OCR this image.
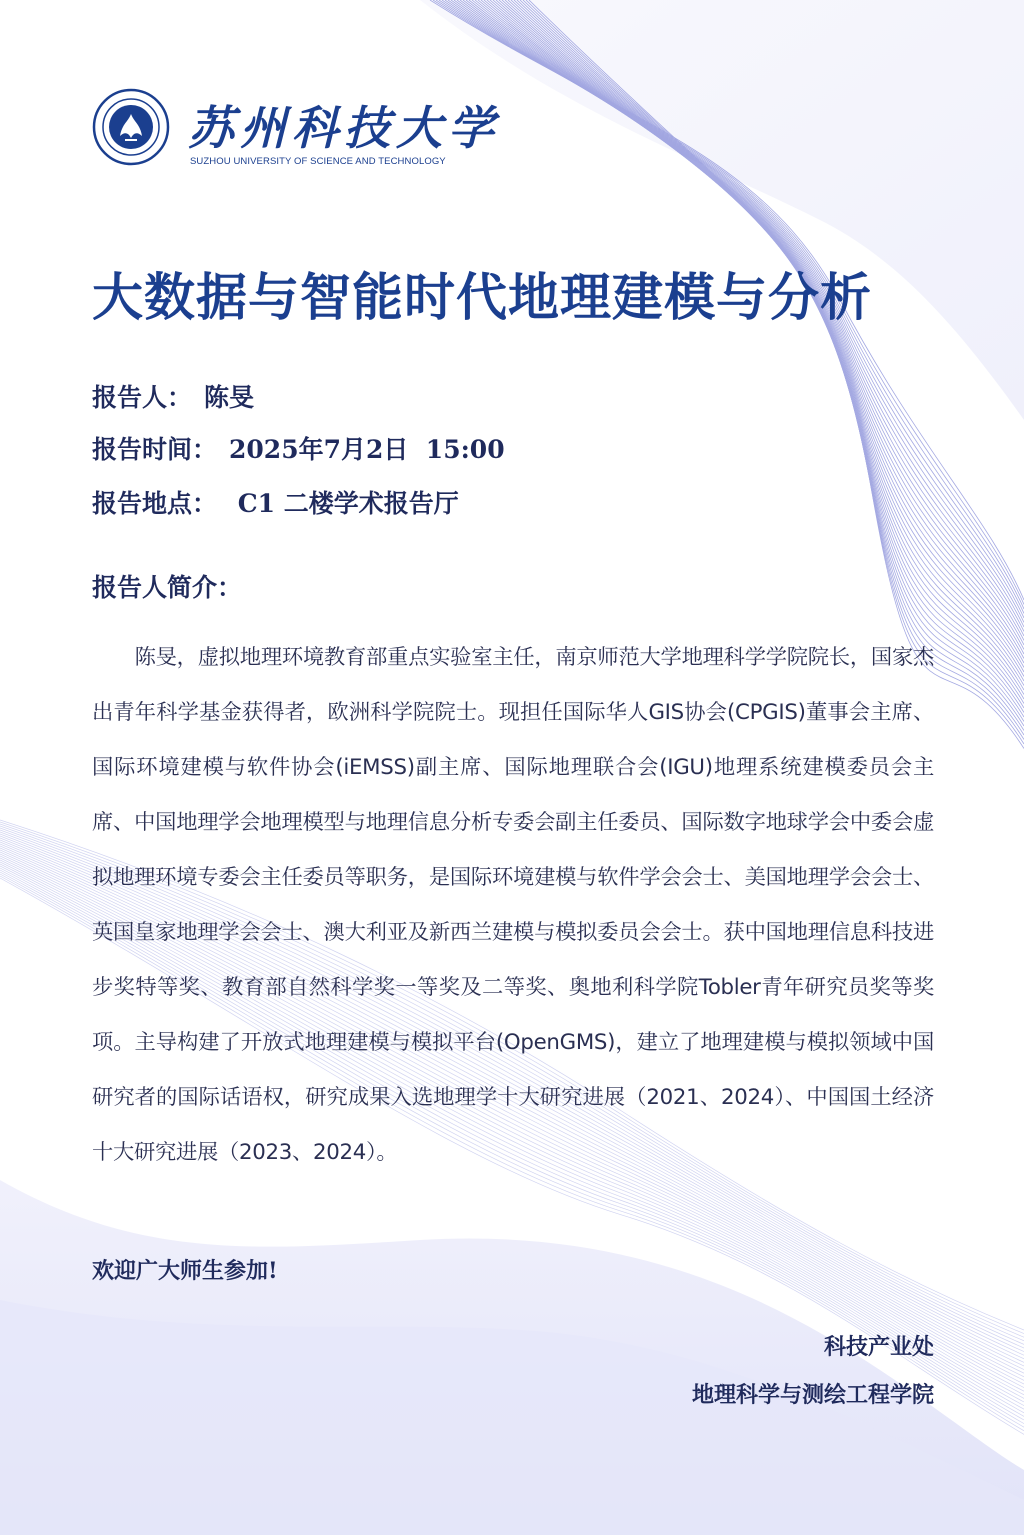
苏州科技大学
SUZHOU UNIVERSITY OF SCIENCE AND TECHNOLOGY
大数据与智能时代地理建模与分析
报告人： 陈旻
报告时间： 2025年7月2日  15:00
报告地点： C1 二楼学术报告厅
报告人简介：

陈旻，虚拟地理环境教育部重点实验室主任，南京师范大学地理科学学院院长，国家杰出青年科学基金获得者，欧洲科学院院士。现担任国际华人GIS协会(CPGIS)董事会主席、国际环境建模与软件协会(iEMSS)副主席、国际地理联合会(IGU)地理系统建模委员会主席、中国地理学会地理模型与地理信息分析专委会副主任委员、国际数字地球学会中委会虚拟地理环境专委会主任委员等职务，是国际环境建模与软件学会会士、美国地理学会会士、英国皇家地理学会会士、澳大利亚及新西兰建模与模拟委员会会士。获中国地理信息科技进步奖特等奖、教育部自然科学奖一等奖及二等奖、奥地利科学院Tobler青年研究员奖等奖项。主导构建了开放式地理建模与模拟平台(OpenGMS)，建立了地理建模与模拟领域中国研究者的国际话语权，研究成果入选地理学十大研究进展（2021、2024）、中国国土经济十大研究进展（2023、2024）。

欢迎广大师生参加!
科技产业处
地理科学与测绘工程学院
